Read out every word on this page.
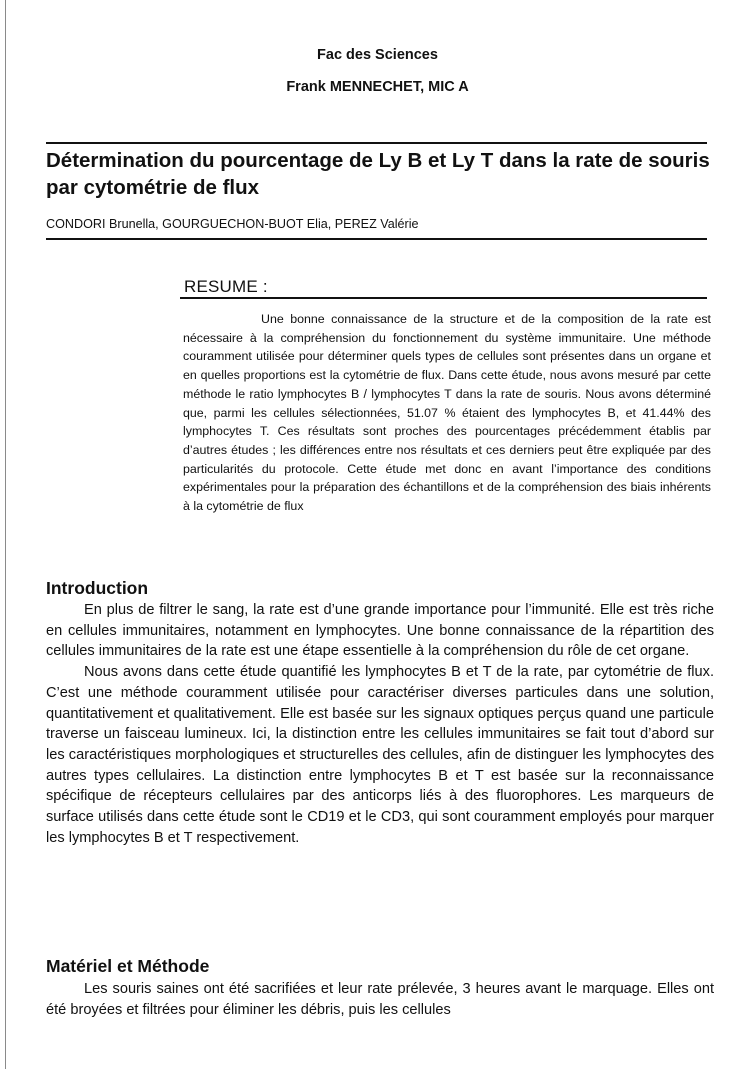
Fac des Sciences
Frank MENNECHET, MIC A
Détermination du pourcentage de Ly B et Ly T dans la rate de souris par cytométrie de flux
CONDORI Brunella, GOURGUECHON-BUOT Elia, PEREZ Valérie
RESUME :

Une bonne connaissance de la structure et de la composition de la rate est nécessaire à la compréhension du fonctionnement du système immunitaire. Une méthode couramment utilisée pour déterminer quels types de cellules sont présentes dans un organe et en quelles proportions est la cytométrie de flux. Dans cette étude, nous avons mesuré par cette méthode le ratio lymphocytes B / lymphocytes T dans la rate de souris. Nous avons déterminé que, parmi les cellules sélectionnées, 51.07 % étaient des lymphocytes B, et 41.44% des lymphocytes T. Ces résultats sont proches des pourcentages précédemment établis par d’autres études ; les différences entre nos résultats et ces derniers peut être expliquée par des particularités du protocole. Cette étude met donc en avant l’importance des conditions expérimentales pour la préparation des échantillons et de la compréhension des biais inhérents à la cytométrie de flux

Introduction

En plus de filtrer le sang, la rate est d’une grande importance pour l’immunité. Elle est très riche en cellules immunitaires, notamment en lymphocytes. Une bonne connaissance de la répartition des cellules immunitaires de la rate est une étape essentielle à la compréhension du rôle de cet organe.

Nous avons dans cette étude quantifié les lymphocytes B et T de la rate, par cytométrie de flux. C’est une méthode couramment utilisée pour caractériser diverses particules dans une solution, quantitativement et qualitativement. Elle est basée sur les signaux optiques perçus quand une particule traverse un faisceau lumineux. Ici, la distinction entre les cellules immunitaires se fait tout d’abord sur les caractéristiques morphologiques et structurelles des cellules, afin de distinguer les lymphocytes des autres types cellulaires. La distinction entre lymphocytes B et T est basée sur la reconnaissance spécifique de récepteurs cellulaires par des anticorps liés à des fluorophores. Les marqueurs de surface utilisés dans cette étude sont le CD19 et le CD3, qui sont couramment employés pour marquer les lymphocytes B et T respectivement.

Matériel et Méthode

Les souris saines ont été sacrifiées et leur rate prélevée, 3 heures avant le marquage. Elles ont été broyées et filtrées pour éliminer les débris, puis les cellules
